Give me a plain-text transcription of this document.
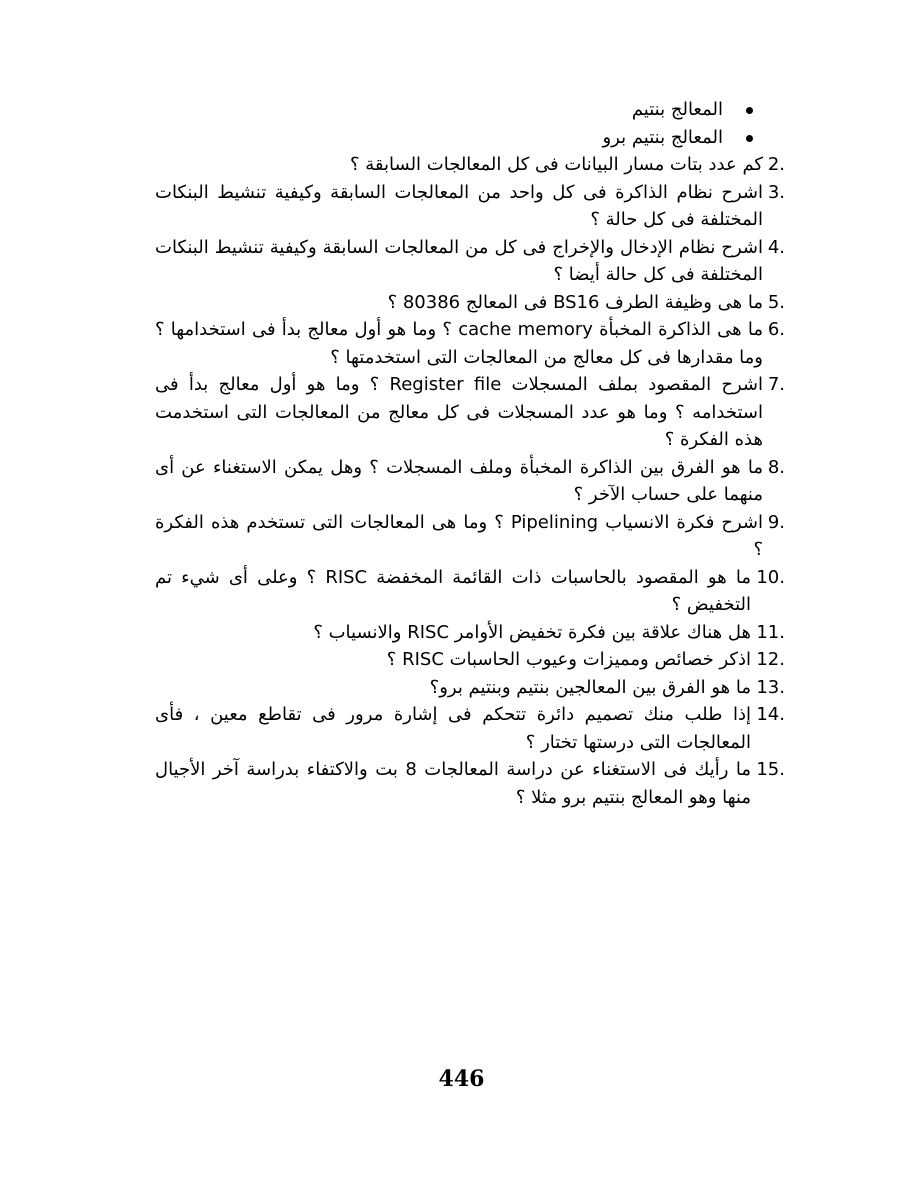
المعالج بنتيم
المعالج بنتيم برو

2.
كم عدد بتات مسار البيانات فى كل المعالجات السابقة ؟

3.
اشرح نظام الذاكرة فى كل واحد من المعالجات السابقة وكيفية تنشيط البنكات المختلفة فى كل حالة ؟

4.
اشرح نظام الإدخال والإخراج فى كل من المعالجات السابقة وكيفية تنشيط البنكات المختلفة فى كل حالة أيضا ؟

5.
ما هى وظيفة الطرف BS16 فى المعالج 80386 ؟

6.
ما هى الذاكرة المخبأة cache memory ؟ وما هو أول معالج بدأ فى استخدامها ؟ وما مقدارها فى كل معالج من المعالجات التى استخدمتها ؟

7.
اشرح المقصود بملف المسجلات Register file ؟ وما هو أول معالج بدأ فى استخدامه ؟ وما هو عدد المسجلات فى كل معالج من المعالجات التى استخدمت هذه الفكرة ؟

8.
ما هو الفرق بين الذاكرة المخبأة وملف المسجلات ؟ وهل يمكن الاستغناء عن أى منهما على حساب الآخر ؟

9.
اشرح فكرة الانسياب Pipelining ؟ وما هى المعالجات التى تستخدم هذه الفكرة ؟

10.
ما هو المقصود بالحاسبات ذات القائمة المخفضة RISC ؟ وعلى أى شيء تم التخفيض ؟

11.
هل هناك علاقة بين فكرة تخفيض الأوامر RISC والانسياب ؟

12.
اذكر خصائص ومميزات وعيوب الحاسبات RISC ؟

13.
ما هو الفرق بين المعالجين بنتيم وبنتيم برو؟

14.
إذا طلب منك تصميم دائرة تتحكم فى إشارة مرور فى تقاطع معين ، فأى المعالجات التى درستها تختار ؟

15.
ما رأيك فى الاستغناء عن دراسة المعالجات 8 بت والاكتفاء بدراسة آخر الأجيال منها وهو المعالج بنتيم برو مثلا ؟

446
